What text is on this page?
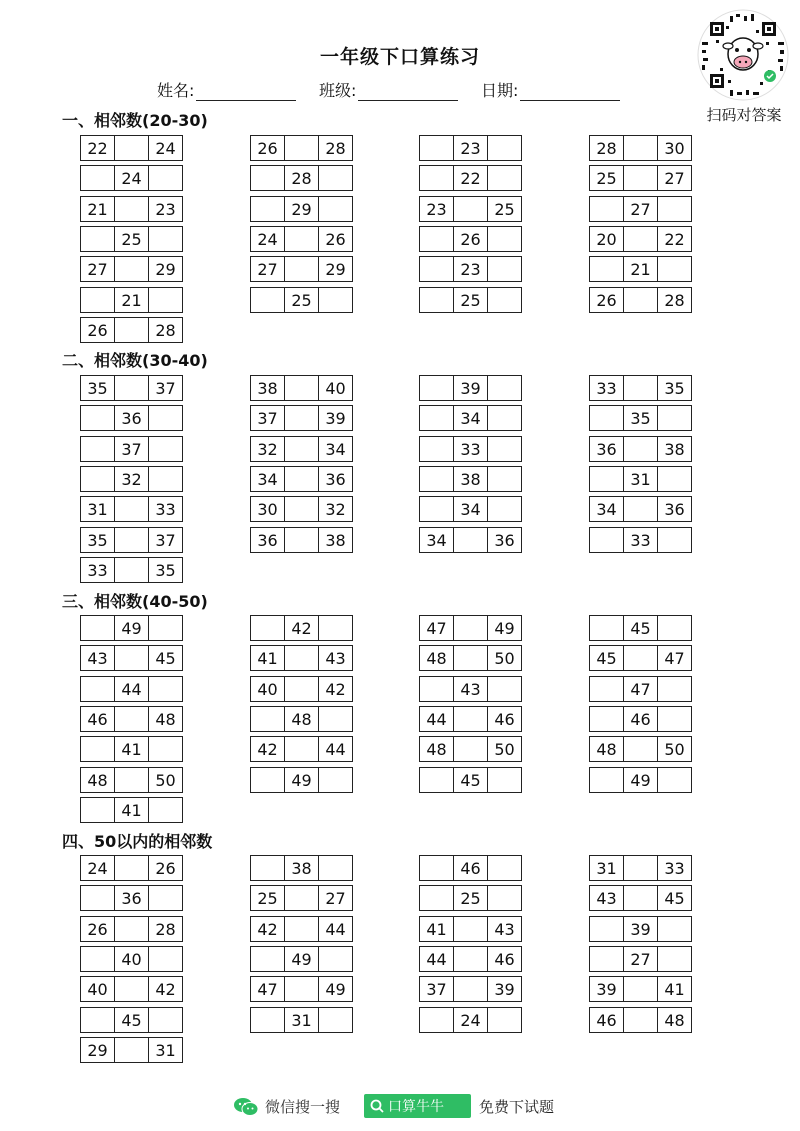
一年级下口算练习
姓名:	班级:	日期:
扫码对答案
一、相邻数(20-30)
22	24
24
21	23
25
27	29
21
26	28
26	28
28
29
24	26
27	29
25
23
22
23	25
26
23
25
28	30
25	27
27
20	22
21
26	28
二、相邻数(30-40)
35	37
36
37
32
31	33
35	37
33	35
38	40
37	39
32	34
34	36
30	32
36	38
39
34
33
38
34
34	36
33	35
35
36	38
31
34	36
33
三、相邻数(40-50)
49
43	45
44
46	48
41
48	50
41
42
41	43
40	42
48
42	44
49
47	49
48	50
43
44	46
48	50
45
45
45	47
47
46
48	50
49
四、50以内的相邻数
24	26
36
26	28
40
40	42
45
29	31
38
25	27
42	44
49
47	49
31
46
25
41	43
44	46
37	39
24
31	33
43	45
39
27
39	41
46	48
微信搜一搜	口算牛牛 免费下试题
